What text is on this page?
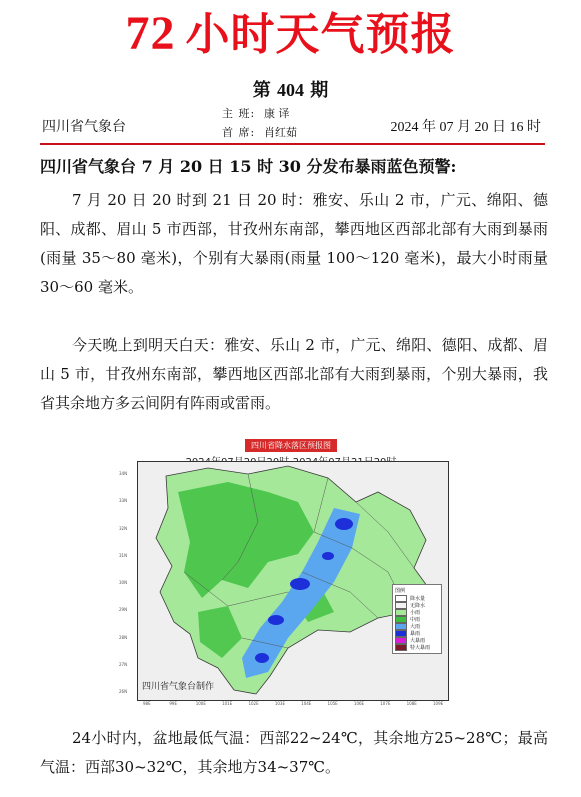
72 小时天气预报
第 404 期
四川省气象台
主 班: 康 译
首 席: 肖红茹	2024 年 07 月 20 日 16 时
四川省气象台 7 月 20 日 15 时 30 分发布暴雨蓝色预警:
7 月 20 日 20 时到 21 日 20 时：雅安、乐山 2 市，广元、绵阳、德阳、成都、眉山 5 市西部，甘孜州东南部，攀西地区西部北部有大雨到暴雨(雨量 35～80 毫米)，个别有大暴雨(雨量 100～120 毫米)，最大小时雨量 30～60 毫米。
今天晚上到明天白天：雅安、乐山 2 市，广元、绵阳、德阳、成都、眉山 5 市，甘孜州东南部，攀西地区西部北部有大雨到暴雨，个别大暴雨，我省其余地方多云间阴有阵雨或雷雨。
四川省降水落区预报图
34N
33N
32N
31N
30N
29N
28N
27N
26N 四川省气象台制作
图例
降水量
无降水
小雨
中雨
大雨
暴雨
大暴雨
特大暴雨
98E	99E	100E	101E	102E	103E	104E	105E	106E	107E	108E	109E
24小时内，盆地最低气温：西部22~24℃，其余地方25~28℃；最高气温：西部30~32℃，其余地方34~37℃。
